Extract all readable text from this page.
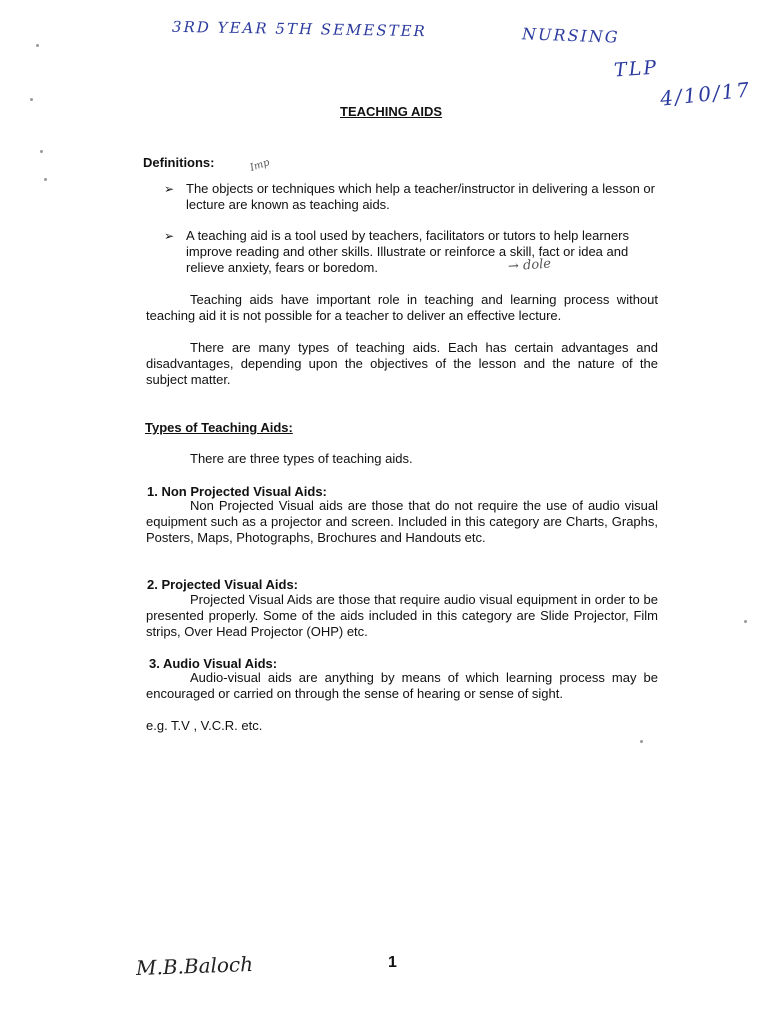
3RD YEAR 5TH SEMESTER	NURSING
TLP
4/10/17
Imp
→ dole
TEACHING AIDS
Definitions:
➢ The objects or techniques which help a teacher/instructor in delivering a lesson or lecture are known as teaching aids.
➢ A teaching aid is a tool used by teachers, facilitators or tutors to help learners improve reading and other skills. Illustrate or reinforce a skill, fact or idea and relieve anxiety, fears or boredom.
Teaching aids have important role in teaching and learning process without teaching aid it is not possible for a teacher to deliver an effective lecture.
There are many types of teaching aids. Each has certain advantages and disadvantages, depending upon the objectives of the lesson and the nature of the subject matter.
Types of Teaching Aids:
There are three types of teaching aids.
1. Non Projected Visual Aids:
Non Projected Visual aids are those that do not require the use of audio visual equipment such as a projector and screen. Included in this category are Charts, Graphs, Posters, Maps, Photographs, Brochures and Handouts etc.
2. Projected Visual Aids:
Projected Visual Aids are those that require audio visual equipment in order to be presented properly. Some of the aids included in this category are Slide Projector, Film strips, Over Head Projector (OHP) etc.
3. Audio Visual Aids:
Audio-visual aids are anything by means of which learning process may be encouraged or carried on through the sense of hearing or sense of sight.
e.g. T.V , V.C.R. etc.
M.B.Baloch	1
